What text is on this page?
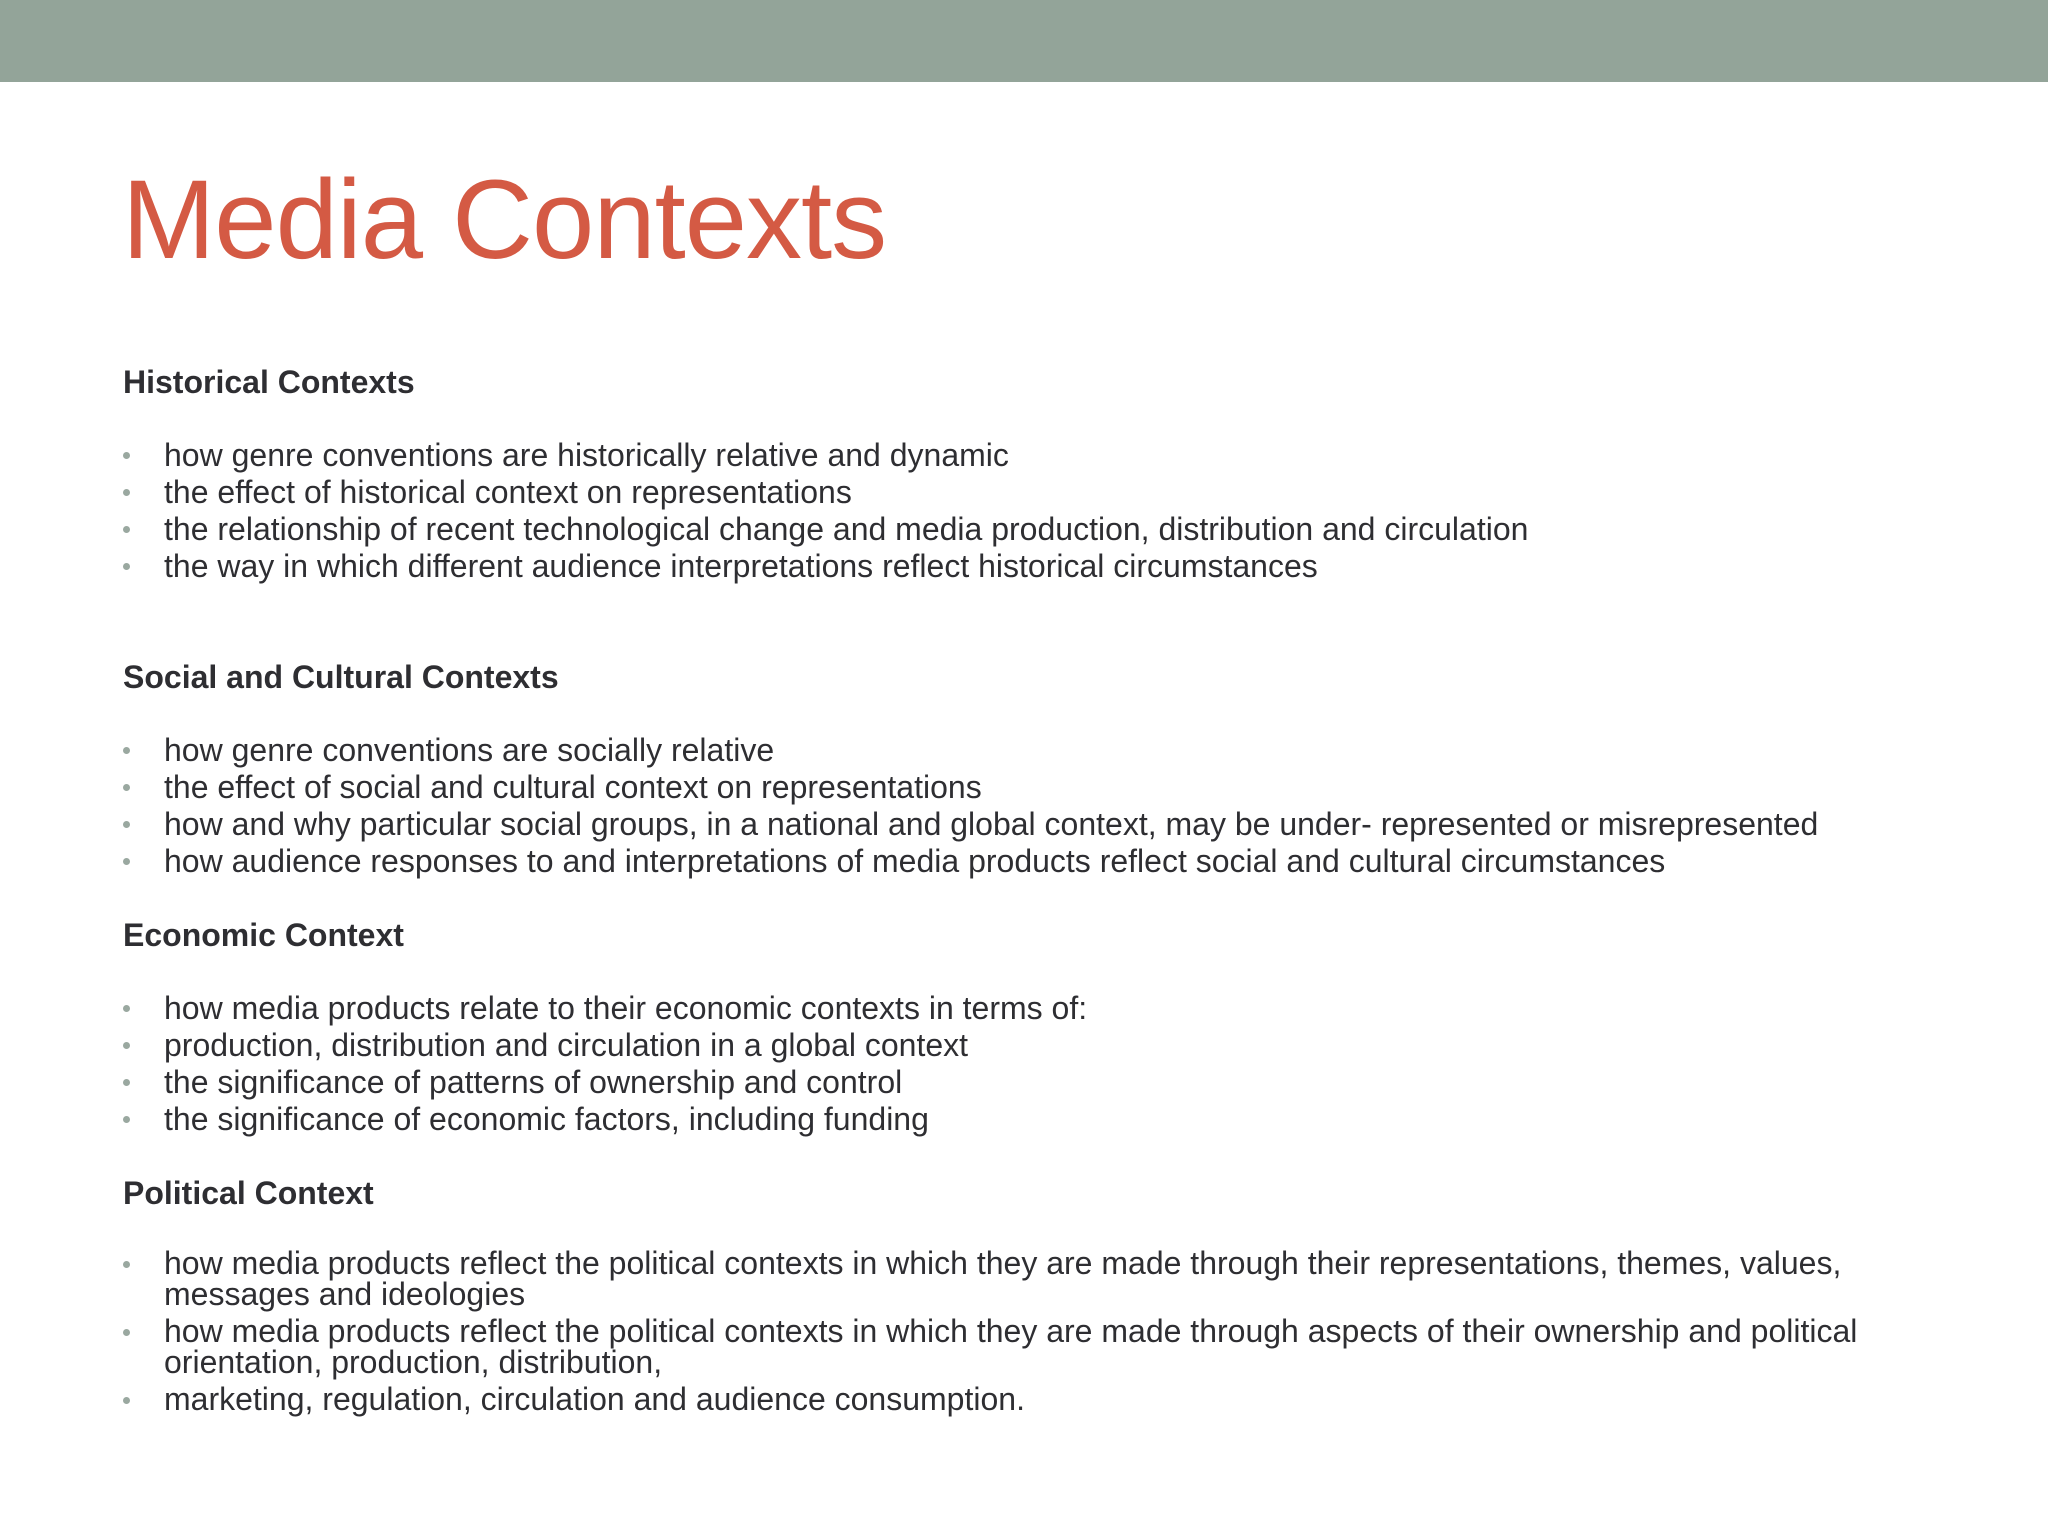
Media Contexts
Historical Contexts
how genre conventions are historically relative and dynamic
the effect of historical context on representations
the relationship of recent technological change and media production, distribution and circulation
the way in which different audience interpretations reflect historical circumstances
Social and Cultural Contexts
how genre conventions are socially relative
the effect of social and cultural context on representations
how and why particular social groups, in a national and global context, may be under- represented or misrepresented
how audience responses to and interpretations of media products reflect social and cultural circumstances
Economic Context
how media products relate to their economic contexts in terms of:
production, distribution and circulation in a global context
the significance of patterns of ownership and control
the significance of economic factors, including funding
Political Context
how media products reflect the political contexts in which they are made through their representations, themes, values, messages and ideologies
how media products reflect the political contexts in which they are made through aspects of their ownership and political orientation, production, distribution,
marketing, regulation, circulation and audience consumption.
